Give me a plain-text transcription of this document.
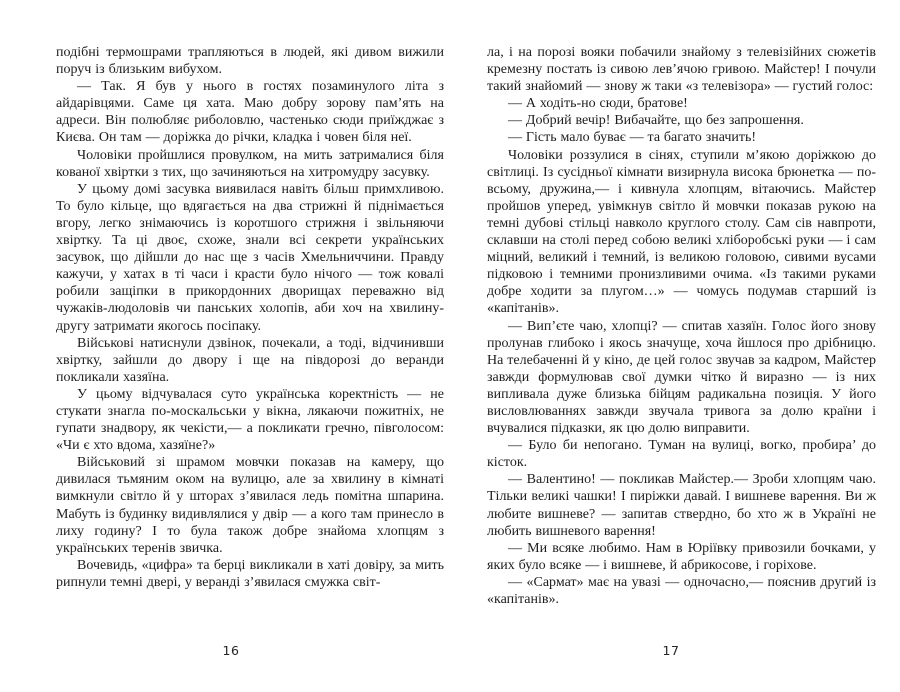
подібні термошрами трапляються в людей, які дивом вижили поруч із близьким вибухом.

— Так. Я був у нього в гостях позаминулого літа з айдарівцями. Саме ця хата. Маю добру зорову пам’ять на адреси. Він полюбляє риболовлю, частенько сюди приїжджає з Києва. Он там — доріжка до річки, кладка і човен біля неї.

Чоловіки пройшлися провулком, на мить затрималися біля кованої хвіртки з тих, що зачиняються на хитромудру засувку.

У цьому домі засувка виявилася навіть більш примхливою. То було кільце, що вдягається на два стрижні й піднімається вгору, легко знімаючись із коротшого стрижня і звільняючи хвіртку. Та ці двоє, схоже, знали всі секрети українських засувок, що дійшли до нас ще з часів Хмельниччини. Правду кажучи, у хатах в ті часи і красти було нічого — тож ковалі робили защіпки в прикордонних дворищах переважно від чужаків-людоловів чи панських холопів, аби хоч на хвилину-другу затримати якогось посіпаку.

Військові натиснули дзвінок, почекали, а тоді, відчинивши хвіртку, зайшли до двору і ще на півдорозі до веранди покликали хазяїна.

У цьому відчувалася суто українська коректність — не стукати знагла по-москальськи у вікна, лякаючи пожитніх, не гупати знадвору, як чекісти,— а покликати гречно, півголосом: «Чи є хто вдома, хазяїне?»

Військовий зі шрамом мовчки показав на камеру, що дивилася тьмяним оком на вулицю, але за хвилину в кімнаті вимкнули світло й у шторах з’явилася ледь помітна шпарина. Мабуть із будинку видивлялися у двір — а кого там принесло в лиху годину? І то була також добре знайома хлопцям з українських теренів звичка.

Вочевидь, «цифра» та берці викликали в хаті довіру, за мить рипнули темні двері, у веранді з’явилася смужка світ-

ла, і на порозі вояки побачили знайому з телевізійних сюжетів кремезну постать із сивою лев’ячою гривою. Майстер! І почули такий знайомий — знову ж таки «з телевізора» — густий голос:

— А ходіть-но сюди, братове!

— Добрий вечір! Вибачайте, що без запрошення.

— Гість мало буває — та багато значить!

Чоловіки роззулися в сінях, ступили м’якою доріжкою до світлиці. Із сусідньої кімнати визирнула висока брюнетка — по-всьому, дружина,— і кивнула хлопцям, вітаючись. Майстер пройшов уперед, увімкнув світло й мовчки показав рукою на темні дубові стільці навколо круглого столу. Сам сів навпроти, склавши на столі перед собою великі хліборобські руки — і сам міцний, великий і темний, із великою головою, сивими вусами підковою і темними пронизливими очима. «Із такими руками добре ходити за плугом…» — чомусь подумав старший із «капітанів».

— Вип’єте чаю, хлопці? — спитав хазяїн. Голос його знову пролунав глибоко і якось значуще, хоча йшлося про дрібницю. На телебаченні й у кіно, де цей голос звучав за кадром, Майстер завжди формулював свої думки чітко й виразно — із них випливала дуже близька бійцям радикальна позиція. У його висловлюваннях завжди звучала тривога за долю країни і вчувалися підказки, як цю долю виправити.

— Було би непогано. Туман на вулиці, вогко, пробира’ до кісток.

— Валентино! — покликав Майстер.— Зроби хлопцям чаю. Тільки великі чашки! І пиріжки давай. І вишневе варення. Ви ж любите вишневе? — запитав ствердно, бо хто ж в Україні не любить вишневого варення!

— Ми всяке любимо. Нам в Юріївку привозили бочками, у яких було всяке — і вишневе, й абрикосове, і горіхове.

— «Сармат» має на увазі — одночасно,— пояснив другий із «капітанів».

16	17
